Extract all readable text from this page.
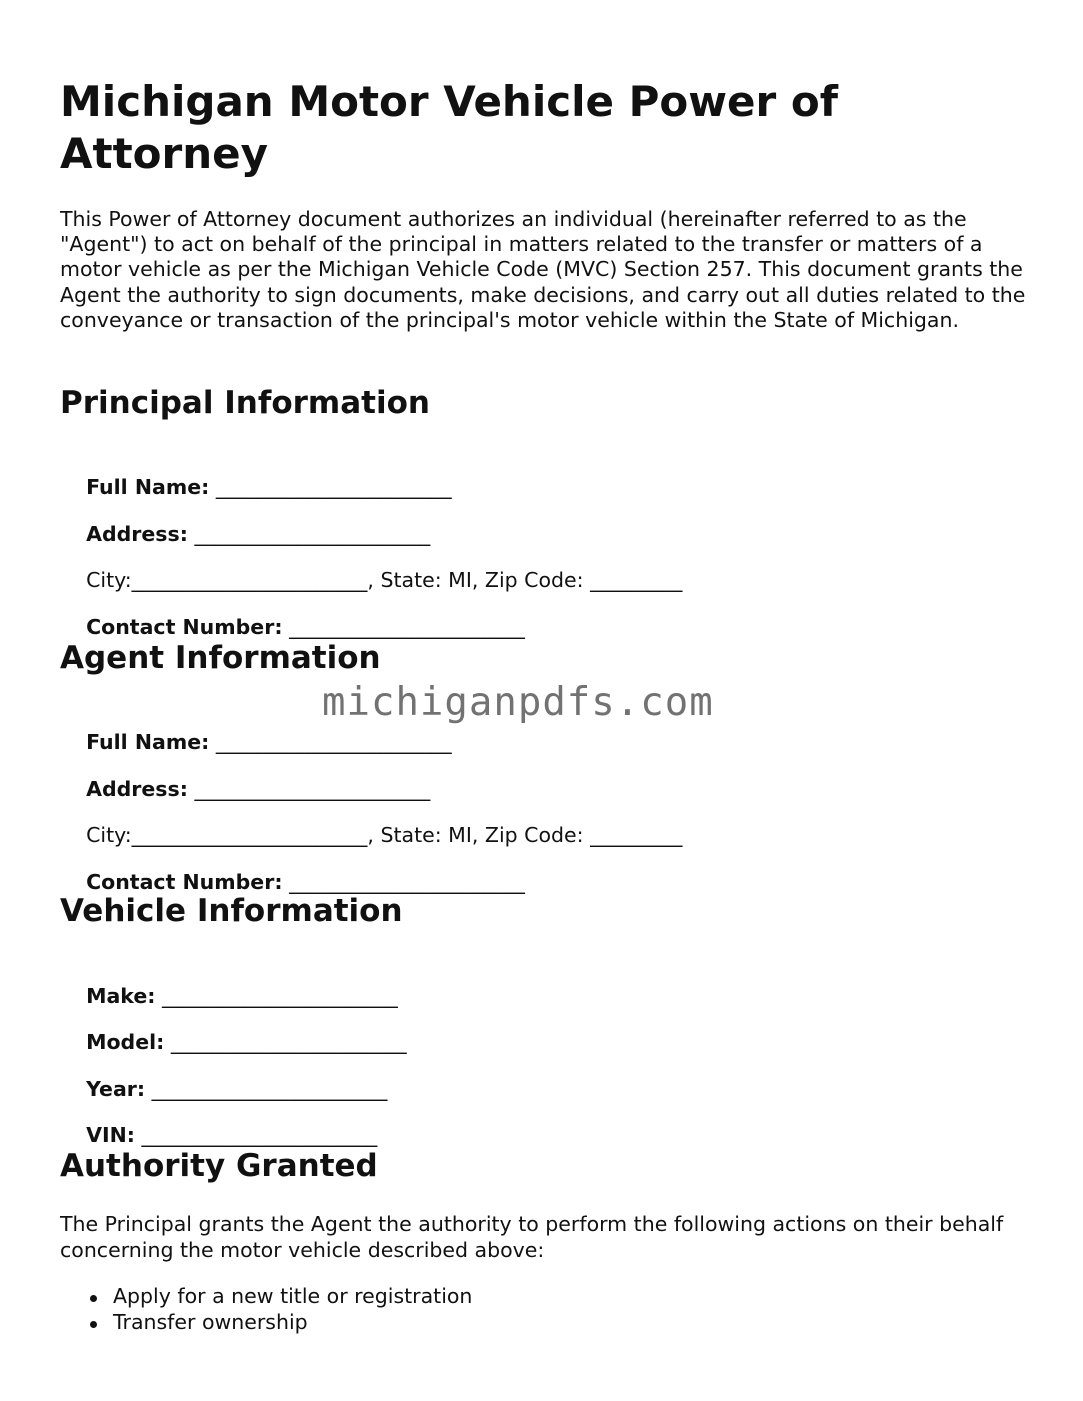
Michigan Motor Vehicle Power of Attorney

This Power of Attorney document authorizes an individual (hereinafter referred to as the "Agent") to act on behalf of the principal in matters related to the transfer or matters of a motor vehicle as per the Michigan Vehicle Code (MVC) Section 257. This document grants the Agent the authority to sign documents, make decisions, and carry out all duties related to the conveyance or transaction of the principal's motor vehicle within the State of Michigan.

Principal Information

Full Name: _______________________

Address: _______________________

City:_______________________, State: MI, Zip Code: _________

Contact Number: _______________________

Agent Information

Full Name: _______________________

Address: _______________________

City:_______________________, State: MI, Zip Code: _________

Contact Number: _______________________

Vehicle Information

Make: _______________________

Model: _______________________

Year: _______________________

VIN: _______________________

Authority Granted

The Principal grants the Agent the authority to perform the following actions on their behalf concerning the motor vehicle described above:

Apply for a new title or registration
Transfer ownership
michiganpdfs.com
